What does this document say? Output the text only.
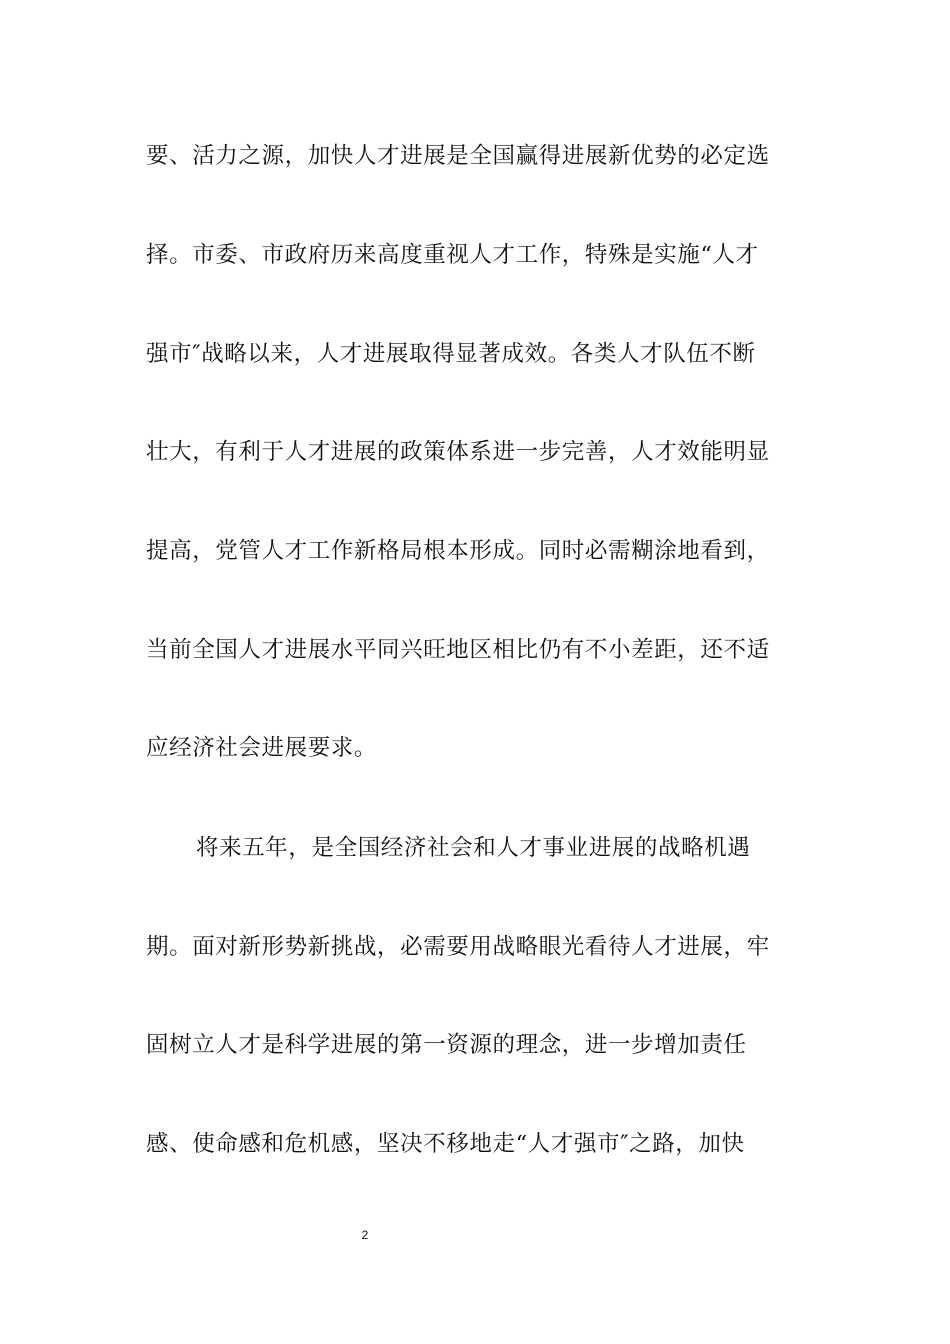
要、活力之源，加快人才进展是全国赢得进展新优势的必定选
择。市委、市政府历来高度重视人才工作，特殊是实施“人才
强市″战略以来，人才进展取得显著成效。各类人才队伍不断
壮大，有利于人才进展的政策体系进一步完善，人才效能明显
提高，党管人才工作新格局根本形成。同时必需糊涂地看到，
当前全国人才进展水平同兴旺地区相比仍有不小差距，还不适
应经济社会进展要求。
将来五年，是全国经济社会和人才事业进展的战略机遇
期。面对新形势新挑战，必需要用战略眼光看待人才进展，牢
固树立人才是科学进展的第一资源的理念，进一步增加责任
感、使命感和危机感，坚决不移地走“人才强市″之路，加快
2
